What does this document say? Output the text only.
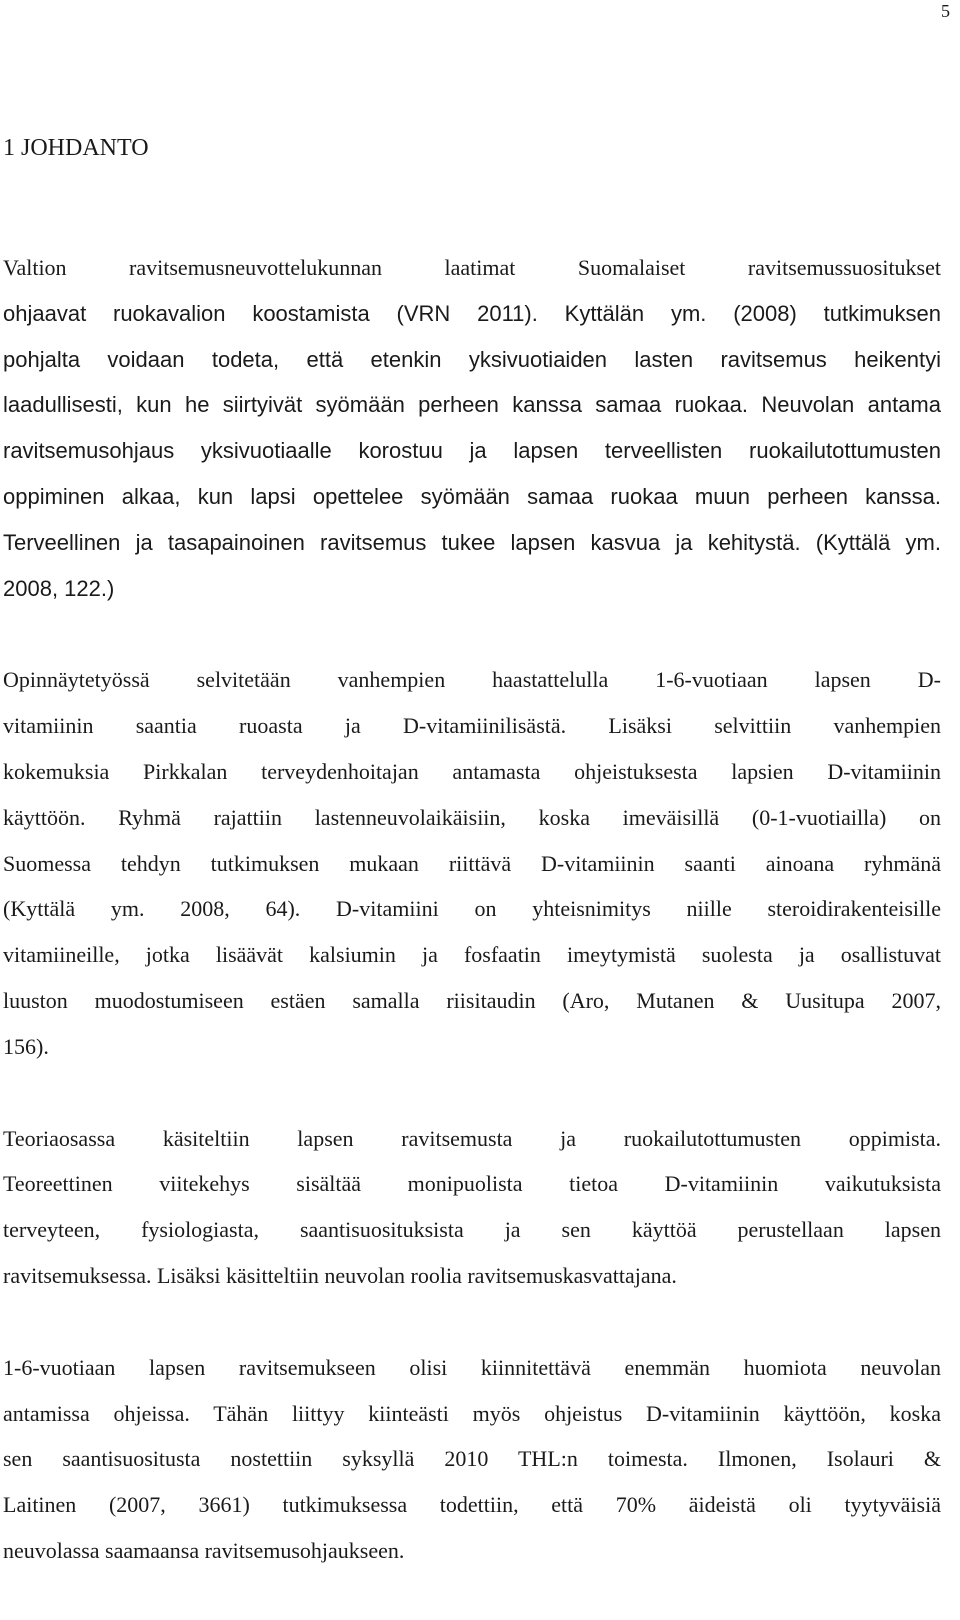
5
1 JOHDANTO
Valtion ravitsemusneuvottelukunnan laatimat Suomalaiset ravitsemussuositukset
ohjaavat ruokavalion koostamista (VRN 2011). Kyttälän ym. (2008) tutkimuksen
pohjalta voidaan todeta, että etenkin yksivuotiaiden lasten ravitsemus heikentyi
laadullisesti, kun he siirtyivät syömään perheen kanssa samaa ruokaa. Neuvolan antama
ravitsemusohjaus yksivuotiaalle korostuu ja lapsen terveellisten ruokailutottumusten
oppiminen alkaa, kun lapsi opettelee syömään samaa ruokaa muun perheen kanssa.
Terveellinen ja tasapainoinen ravitsemus tukee lapsen kasvua ja kehitystä. (Kyttälä ym.
2008, 122.)
Opinnäytetyössä selvitetään vanhempien haastattelulla 1-6-vuotiaan lapsen D-
vitamiinin saantia ruoasta ja D-vitamiinilisästä. Lisäksi selvittiin vanhempien
kokemuksia Pirkkalan terveydenhoitajan antamasta ohjeistuksesta lapsien D-vitamiinin
käyttöön. Ryhmä rajattiin lastenneuvolaikäisiin, koska imeväisillä (0-1-vuotiailla) on
Suomessa tehdyn tutkimuksen mukaan riittävä D-vitamiinin saanti ainoana ryhmänä
(Kyttälä ym. 2008, 64). D-vitamiini on yhteisnimitys niille steroidirakenteisille
vitamiineille, jotka lisäävät kalsiumin ja fosfaatin imeytymistä suolesta ja osallistuvat
luuston muodostumiseen estäen samalla riisitaudin (Aro, Mutanen & Uusitupa 2007,
156).
Teoriaosassa käsiteltiin lapsen ravitsemusta ja ruokailutottumusten oppimista.
Teoreettinen viitekehys sisältää monipuolista tietoa D-vitamiinin vaikutuksista
terveyteen, fysiologiasta, saantisuosituksista ja sen käyttöä perustellaan lapsen
ravitsemuksessa. Lisäksi käsitteltiin neuvolan roolia ravitsemuskasvattajana.
1-6-vuotiaan lapsen ravitsemukseen olisi kiinnitettävä enemmän huomiota neuvolan
antamissa ohjeissa. Tähän liittyy kiinteästi myös ohjeistus D-vitamiinin käyttöön, koska
sen saantisuositusta nostettiin syksyllä 2010 THL:n toimesta. Ilmonen, Isolauri &
Laitinen (2007, 3661) tutkimuksessa todettiin, että 70% äideistä oli tyytyväisiä
neuvolassa saamaansa ravitsemusohjaukseen.
